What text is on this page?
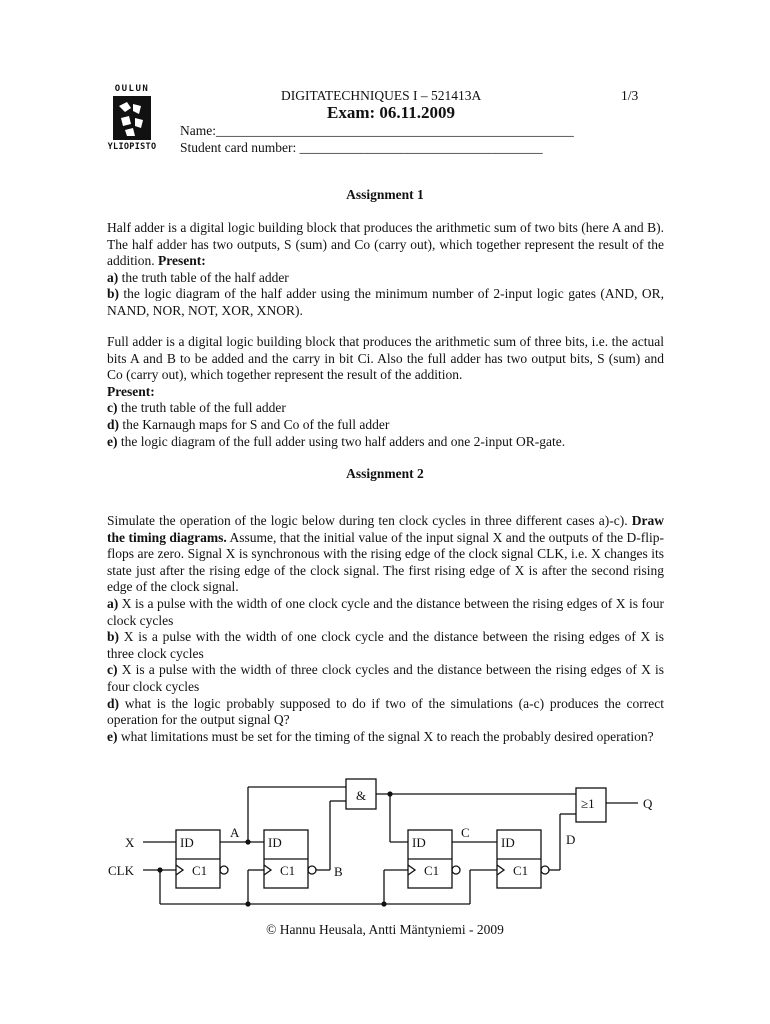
OULUN
YLIOPISTO
DIGITATECHNIQUES I – 521413A	1/3
Exam: 06.11.2009
Name:_____________________________________________________
Student card number: ____________________________________
Assignment 1

Half adder is a digital logic building block that produces the arithmetic sum of two bits (here A and B). The half adder has two outputs, S (sum) and Co (carry out), which together represent the result of the addition. Present:

a) the truth table of the half adder

b) the logic diagram of the half adder using the minimum number of 2-input logic gates (AND, OR, NAND, NOR, NOT, XOR, XNOR).

Full adder is a digital logic building block that produces the arithmetic sum of three bits, i.e. the actual bits A and B to be added and the carry in bit Ci. Also the full adder has two output bits, S (sum) and Co (carry out), which together represent the result of the addition.
Present:

c) the truth table of the full adder

d) the Karnaugh maps for S and Co of the full adder

e) the logic diagram of the full adder using two half adders and one 2-input OR-gate.

Assignment 2

Simulate the operation of the logic below during ten clock cycles in three different cases a)-c). Draw the timing diagrams. Assume, that the initial value of the input signal X and the outputs of the D-flip-flops are zero. Signal X is synchronous with the rising edge of the clock signal CLK, i.e. X changes its state just after the rising edge of the clock signal. The first rising edge of X is after the second rising edge of the clock signal.

a) X is a pulse with the width of one clock cycle and the distance between the rising edges of X is four clock cycles

b) X is a pulse with the width of one clock cycle and the distance between the rising edges of X is three clock cycles

c) X is a pulse with the width of three clock cycles and the distance between the rising edges of X is four clock cycles

d) what is the logic probably supposed to do if two of the simulations (a-c) produces the correct operation for the output signal Q?

e) what limitations must be set for the timing of the signal X to reach the probably desired operation?

&
≥1
ID	ID	ID	ID
C1	C1	C1	C1
X
CLK
A
B
C	D
Q
© Hannu Heusala, Antti Mäntyniemi - 2009
